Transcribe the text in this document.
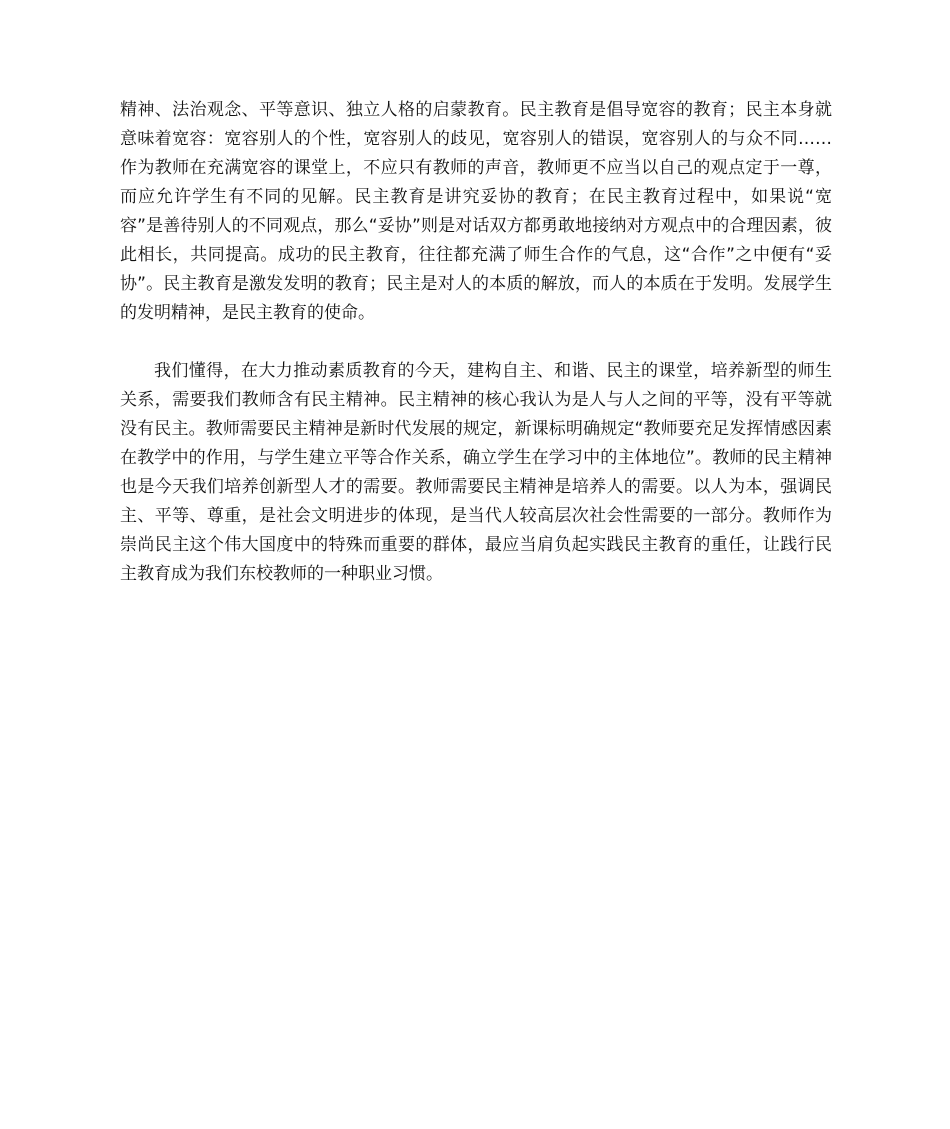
精神、法治观念、平等意识、独立人格的启蒙教育。民主教育是倡导宽容的教育；民主本身就意味着宽容：宽容别人的个性，宽容别人的歧见，宽容别人的错误，宽容别人的与众不同……作为教师在充满宽容的课堂上，不应只有教师的声音，教师更不应当以自己的观点定于一尊，而应允许学生有不同的见解。民主教育是讲究妥协的教育；在民主教育过程中，如果说“宽容”是善待别人的不同观点，那么“妥协”则是对话双方都勇敢地接纳对方观点中的合理因素，彼此相长，共同提高。成功的民主教育，往往都充满了师生合作的气息，这“合作”之中便有“妥协”。民主教育是激发发明的教育；民主是对人的本质的解放，而人的本质在于发明。发展学生的发明精神，是民主教育的使命。

我们懂得，在大力推动素质教育的今天，建构自主、和谐、民主的课堂，培养新型的师生关系，需要我们教师含有民主精神。民主精神的核心我认为是人与人之间的平等，没有平等就没有民主。教师需要民主精神是新时代发展的规定，新课标明确规定“教师要充足发挥情感因素在教学中的作用，与学生建立平等合作关系，确立学生在学习中的主体地位”。教师的民主精神也是今天我们培养创新型人才的需要。教师需要民主精神是培养人的需要。以人为本，强调民主、平等、尊重，是社会文明进步的体现，是当代人较高层次社会性需要的一部分。教师作为崇尚民主这个伟大国度中的特殊而重要的群体，最应当肩负起实践民主教育的重任，让践行民主教育成为我们东校教师的一种职业习惯。
